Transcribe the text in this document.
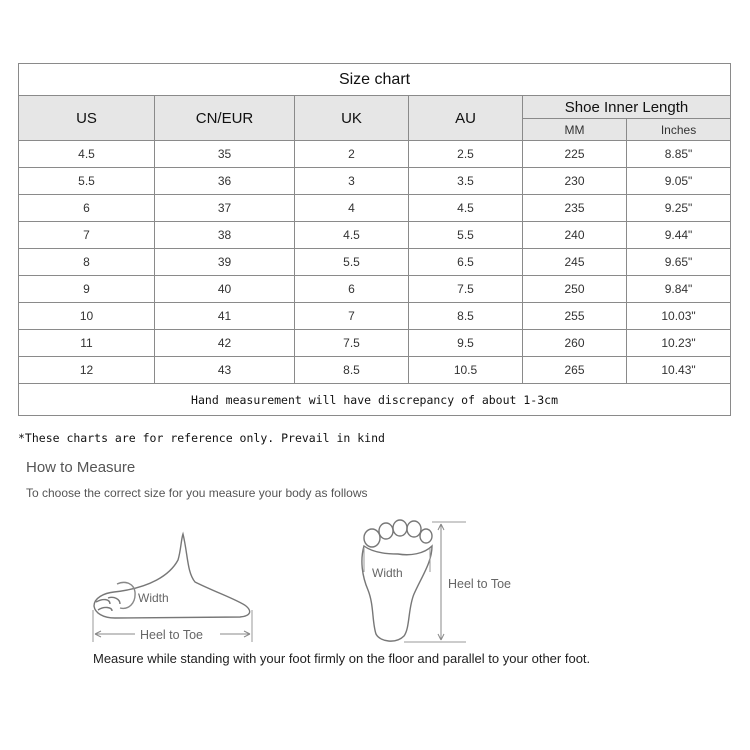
Size chart					
US	CN/EUR	UK	AU	Shoe Inner Length	
				MM	Inches
4.5	35	2	2.5	225	8.85"
5.5	36	3	3.5	230	9.05"
6	37	4	4.5	235	9.25"
7	38	4.5	5.5	240	9.44"
8	39	5.5	6.5	245	9.65"
9	40	6	7.5	250	9.84"
10	41	7	8.5	255	10.03"
11	42	7.5	9.5	260	10.23"
12	43	8.5	10.5	265	10.43"
Hand measurement will have discrepancy of about 1-3cm					
*These charts are for reference only. Prevail in kind
How to Measure
To choose the correct size for you measure your body as follows
Width
Heel to Toe
Width
Heel to Toe
Measure while standing with your foot firmly on the floor and parallel to your other foot.
